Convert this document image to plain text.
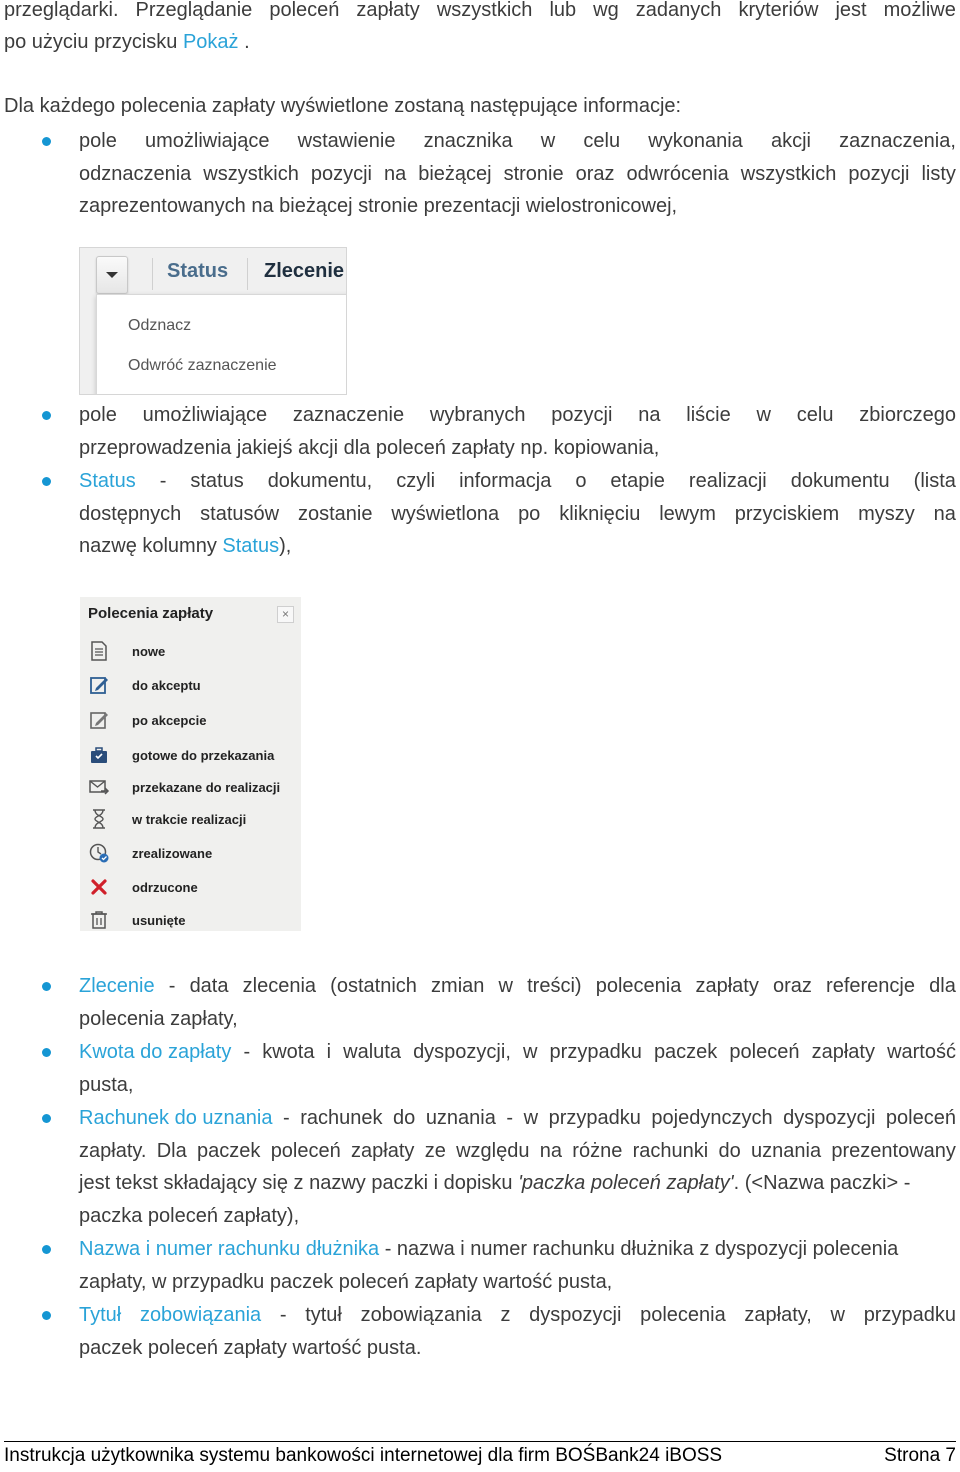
przeglądarki. Przeglądanie poleceń zapłaty wszystkich lub wg zadanych kryteriów jest możliwe
po użyciu przycisku Pokaż .
Dla każdego polecenia zapłaty wyświetlone zostaną następujące informacje:
pole umożliwiające wstawienie znacznika w celu wykonania akcji zaznaczenia,
odznaczenia wszystkich pozycji na bieżącej stronie oraz odwrócenia wszystkich pozycji listy
zaprezentowanych na bieżącej stronie prezentacji wielostronicowej,
Status Zlecenie
Odznacz
Odwróć zaznaczenie
pole umożliwiające zaznaczenie wybranych pozycji na liście w celu zbiorczego
przeprowadzenia jakiejś akcji dla poleceń zapłaty np. kopiowania,
Status - status dokumentu, czyli informacja o etapie realizacji dokumentu (lista
dostępnych statusów zostanie wyświetlona po kliknięciu lewym przyciskiem myszy na
nazwę kolumny Status),
Polecenia zapłaty	×
nowe
do akceptu
po akcepcie
gotowe do przekazania
przekazane do realizacji
w trakcie realizacji
zrealizowane
odrzucone
usunięte
Zlecenie - data zlecenia (ostatnich zmian w treści) polecenia zapłaty oraz referencje dla
polecenia zapłaty,
Kwota do zapłaty - kwota i waluta dyspozycji, w przypadku paczek poleceń zapłaty wartość
pusta,
Rachunek do uznania - rachunek do uznania - w przypadku pojedynczych dyspozycji poleceń
zapłaty. Dla paczek poleceń zapłaty ze względu na różne rachunki do uznania prezentowany
jest tekst składający się z nazwy paczki i dopisku 'paczka poleceń zapłaty'. (<Nazwa paczki> -
paczka poleceń zapłaty),
Nazwa i numer rachunku dłużnika - nazwa i numer rachunku dłużnika z dyspozycji polecenia
zapłaty, w przypadku paczek poleceń zapłaty wartość pusta,
Tytuł zobowiązania - tytuł zobowiązania z dyspozycji polecenia zapłaty, w przypadku
paczek poleceń zapłaty wartość pusta.
Instrukcja użytkownika systemu bankowości internetowej dla firm BOŚBank24 iBOSS	Strona 7
